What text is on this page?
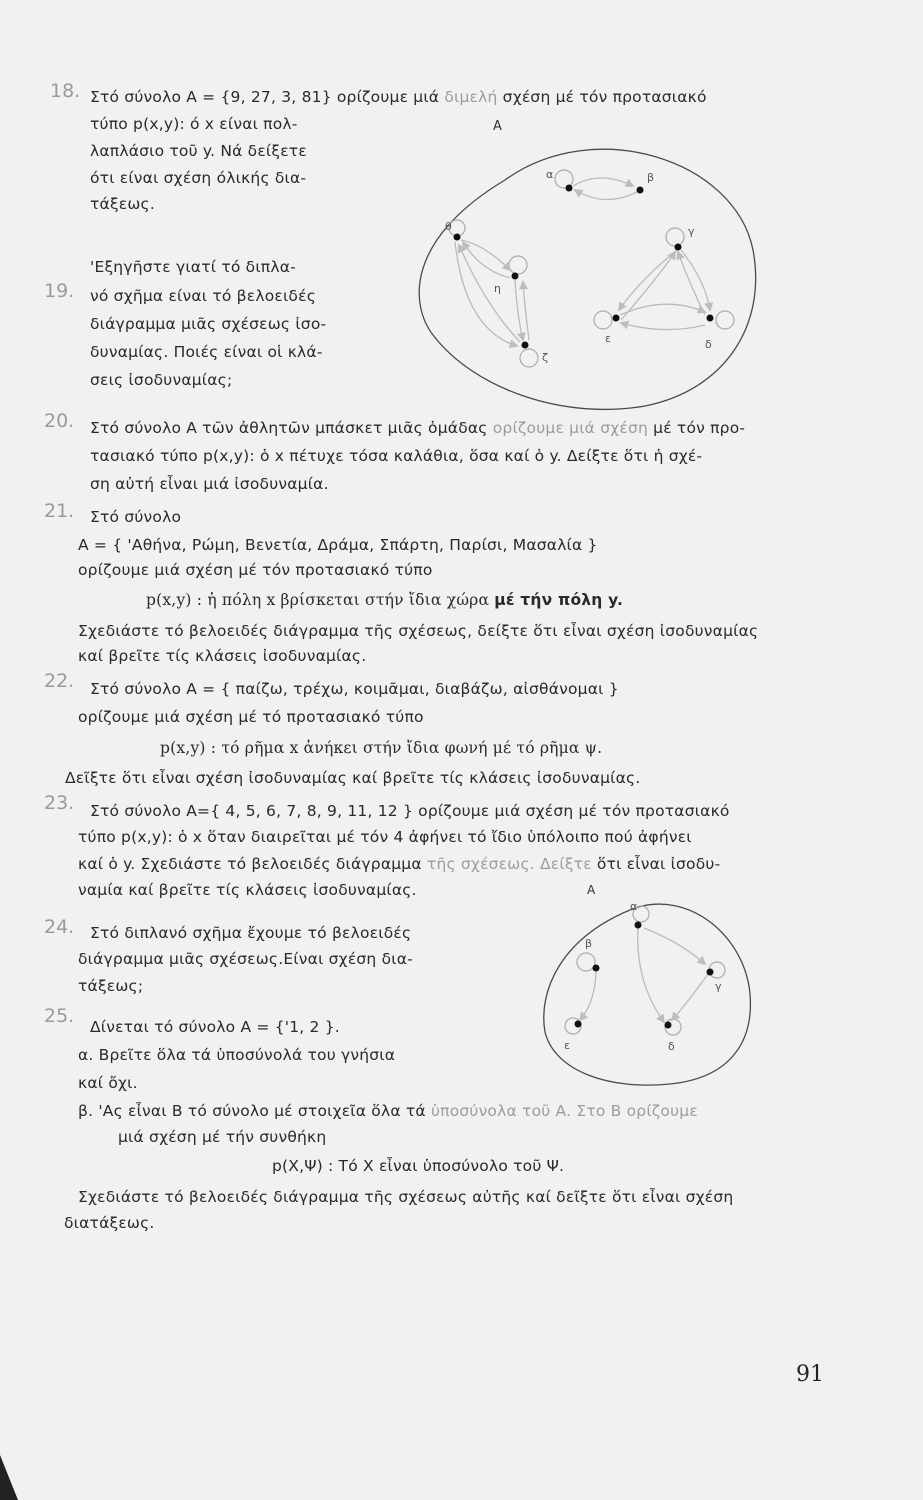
18. Στό σύνολο A = {9, 27, 3, 81} ορίζουμε μιά διμελή σχέση μέ τόν προτασιακό
τύπο p(x,y): ό x είναι πολ-
λαπλάσιο τοῦ y. Νά δείξετε
ότι είναι σχέση όλικής δια-
τάξεως.
'Εξηγῆστε γιατί τό διπλα-
19. νό σχῆμα είναι τό βελοειδές
διάγραμμα μιᾶς σχέσεως ἰσο-
δυναμίας. Ποιές είναι οἱ κλά-
σεις ἰσοδυναμίας;
A
α	β
θ
η
ζ
γ
ε	δ
20. Στό σύνολο A τῶν ἀθλητῶν μπάσκετ μιᾶς ὁμάδας ορίζουμε μιά σχέση μέ τόν προ-
τασιακό τύπο p(x,y): ὁ x πέτυχε τόσα καλάθια, ὅσα καί ὁ y. Δείξτε ὅτι ἡ σχέ-
ση αὐτή εἶναι μιά ἰσοδυναμία.
21. Στό σύνολο
A = { 'Αθήνα, Ρώμη, Βενετία, Δράμα, Σπάρτη, Παρίσι, Μασαλία }
ορίζουμε μιά σχέση μέ τόν προτασιακό τύπο
p(x,y) : ἡ πόλη x βρίσκεται στήν ἴδια χώρα μέ τήν πόλη y.
Σχεδιάστε τό βελοειδές διάγραμμα τῆς σχέσεως, δείξτε ὅτι εἶναι σχέση ἰσοδυναμίας
καί βρεῖτε τίς κλάσεις ἰσοδυναμίας.
22. Στό σύνολο A = { παίζω, τρέχω, κοιμᾶμαι, διαβάζω, αἰσθάνομαι }
ορίζουμε μιά σχέση μέ τό προτασιακό τύπο
p(x,y) : τό ρῆμα x ἀνήκει στήν ἴδια φωνή μέ τό ρῆμα ψ.
Δεῖξτε ὅτι εἶναι σχέση ἰσοδυναμίας καί βρεῖτε τίς κλάσεις ἰσοδυναμίας.
23. Στό σύνολο A={ 4, 5, 6, 7, 8, 9, 11, 12 } ορίζουμε μιά σχέση μέ τόν προτασιακό
τύπο p(x,y): ὁ x ὅταν διαιρεῖται μέ τόν 4 ἀφήνει τό ἴδιο ὑπόλοιπο πού ἀφήνει
καί ὁ y. Σχεδιάστε τό βελοειδές διάγραμμα τῆς σχέσεως. Δείξτε ὅτι εἶναι ἰσοδυ-
ναμία καί βρεῖτε τίς κλάσεις ἰσοδυναμίας.	A
α
β
γ
ε	δ
24. Στό διπλανό σχῆμα ἔχουμε τό βελοειδές
διάγραμμα μιᾶς σχέσεως.Είναι σχέση δια-
τάξεως;
25. Δίνεται τό σύνολο A = {'1, 2 }.
α. Βρεῖτε ὅλα τά ὑποσύνολά του γνήσια
καί ὄχι.
β. 'Ας εἶναι B τό σύνολο μέ στοιχεῖα ὅλα τά ὑποσύνολα τοῦ A. Στο B ορίζουμε
μιά σχέση μέ τήν συνθήκη
p(X,Ψ) : Τό X εἶναι ὑποσύνολο τοῦ Ψ.
Σχεδιάστε τό βελοειδές διάγραμμα τῆς σχέσεως αὐτῆς καί δεῖξτε ὅτι εἶναι σχέση
διατάξεως.
91
